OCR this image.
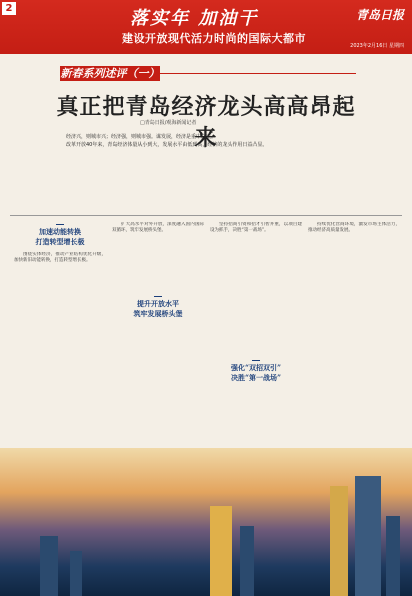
2	落实年 加油干
建设开放现代活力时尚的国际大都市
青岛日报
2023年2月16日 星期四
新春系列述评（一）
真正把青岛经济龙头高高昂起来
□青岛日报/观海新闻记者

经济兴，则城市兴；经济强，则城市强。谋发展，经济是重中之重。

改革开放40年来，青岛经济体量从小到大，发展水平由低到高，经济的龙头作用日益凸显。

加速动能转换
打造转型增长极

围绕实体经济，推动产业结构优化升级，加快新旧动能转换，打造转型增长极。

扩大高水平对外开放，深度融入国内国际双循环，筑牢发展桥头堡。

提升开放水平
筑牢发展桥头堡

坚持招商引资和招才引智并重，以项目建设为抓手，决胜“第一战场”。

强化“双招双引”
决胜“第一战场”

持续优化营商环境，激发市场主体活力，推动经济高质量发展。
